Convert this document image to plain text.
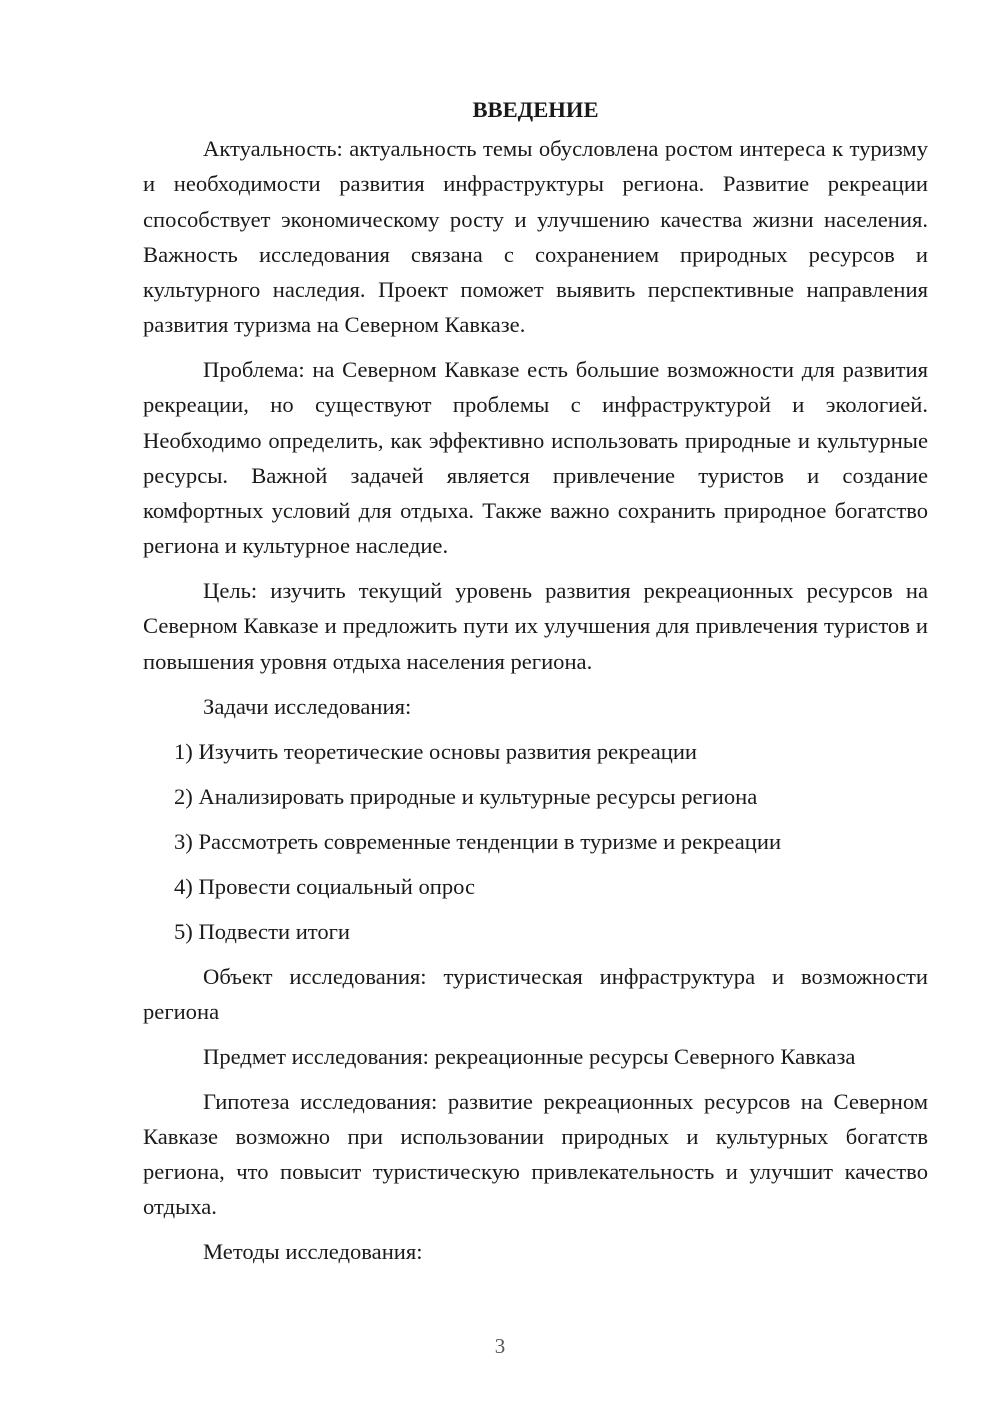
ВВЕДЕНИЕ

Актуальность: актуальность темы обусловлена ростом интереса к туризму и необходимости развития инфраструктуры региона. Развитие рекреации способствует экономическому росту и улучшению качества жизни населения. Важность исследования связана с сохранением природных ресурсов и культурного наследия. Проект поможет выявить перспективные направления развития туризма на Северном Кавказе.

Проблема: на Северном Кавказе есть большие возможности для развития рекреации, но существуют проблемы с инфраструктурой и экологией. Необходимо определить, как эффективно использовать природные и культурные ресурсы. Важной задачей является привлечение туристов и создание комфортных условий для отдыха. Также важно сохранить природное богатство региона и культурное наследие.

Цель: изучить текущий уровень развития рекреационных ресурсов на Северном Кавказе и предложить пути их улучшения для привлечения туристов и повышения уровня отдыха населения региона.

Задачи исследования:

1) Изучить теоретические основы развития рекреации
2) Анализировать природные и культурные ресурсы региона
3) Рассмотреть современные тенденции в туризме и рекреации
4) Провести социальный опрос
5) Подвести итоги

Объект исследования: туристическая инфраструктура и возможности региона

Предмет исследования: рекреационные ресурсы Северного Кавказа

Гипотеза исследования: развитие рекреационных ресурсов на Северном Кавказе возможно при использовании природных и культурных богатств региона, что повысит туристическую привлекательность и улучшит качество отдыха.

Методы исследования:

3
